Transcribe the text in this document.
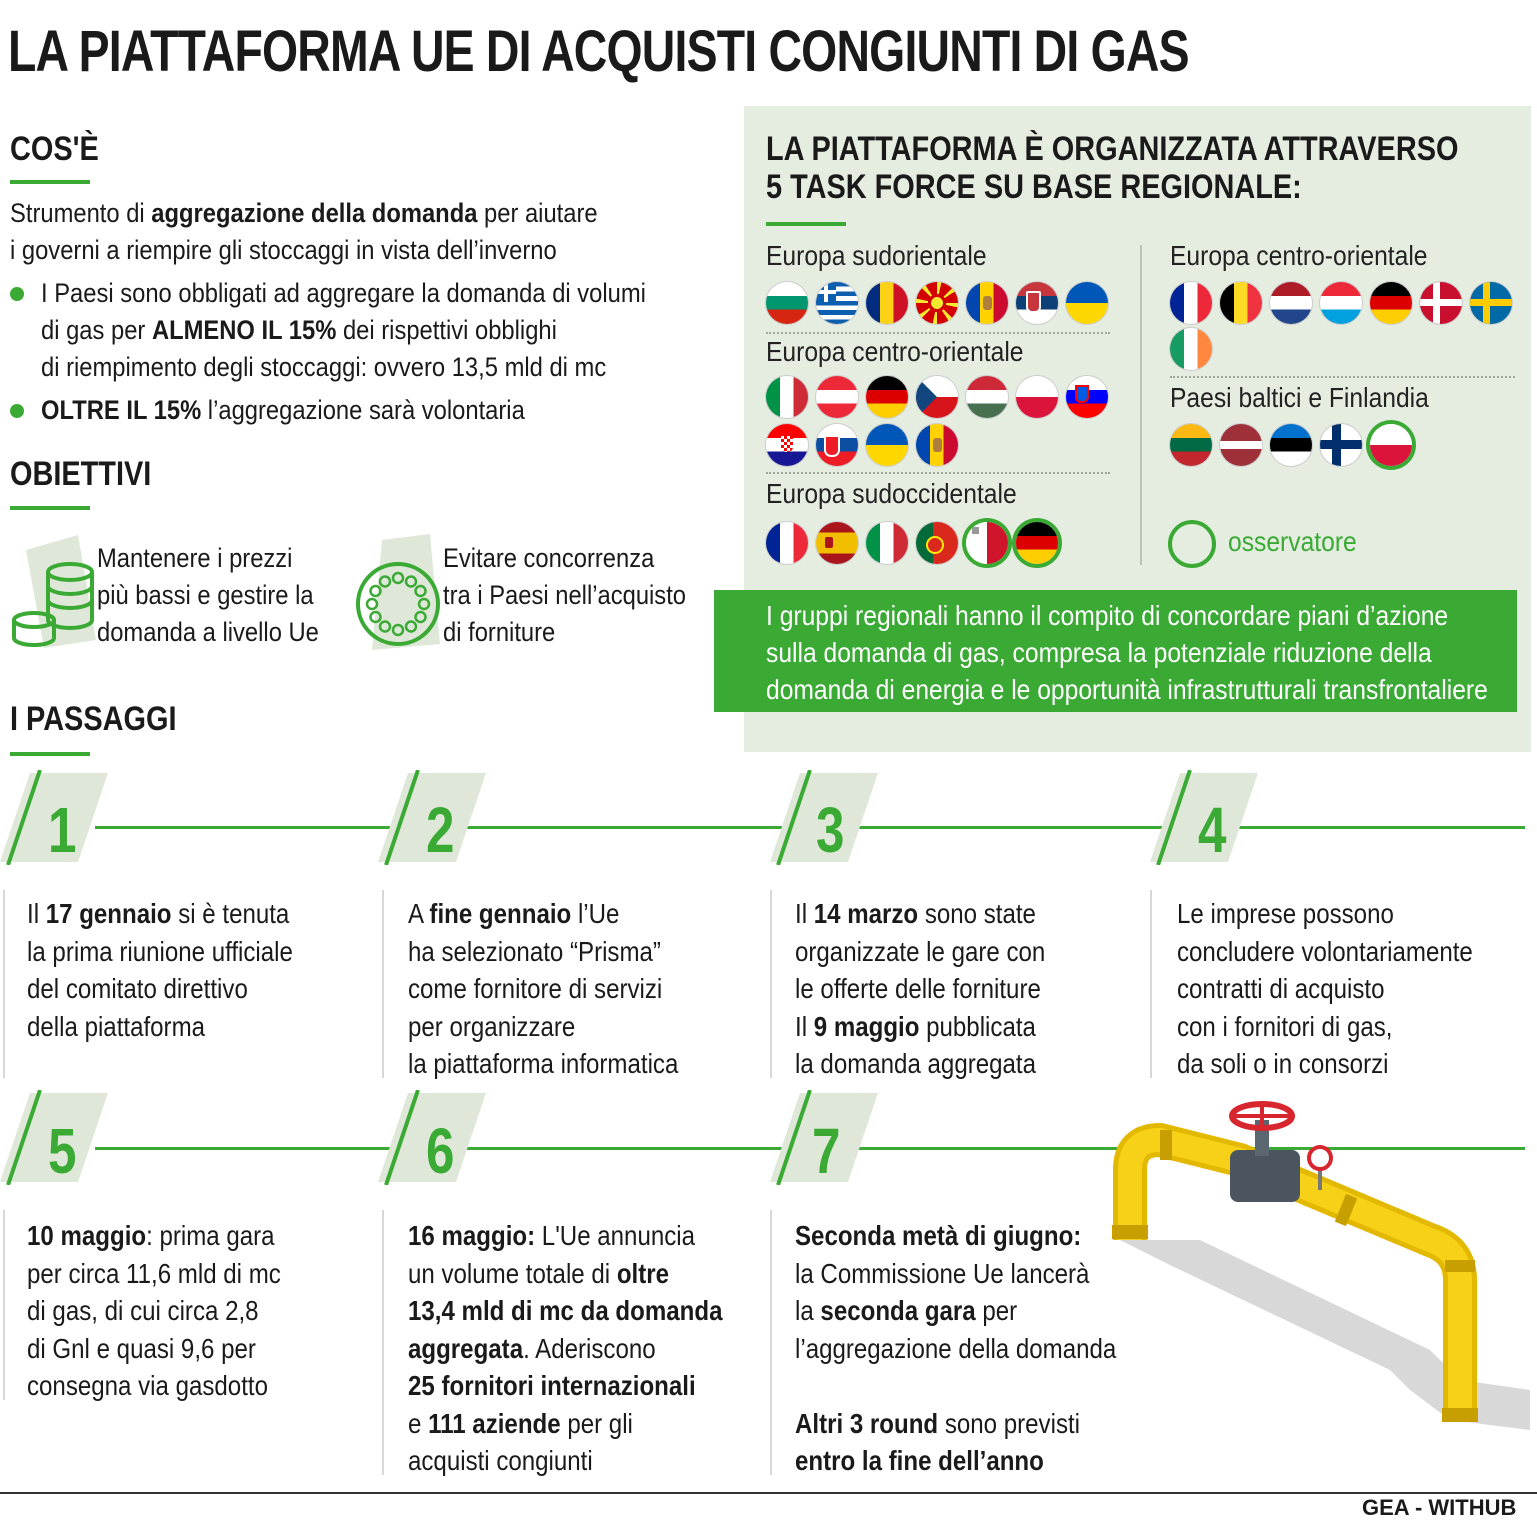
LA PIATTAFORMA UE DI ACQUISTI CONGIUNTI DI GAS
COS'È
Strumento di aggregazione della domanda per aiutare
i governi a riempire gli stoccaggi in vista dell’inverno
I Paesi sono obbligati ad aggregare la domanda di volumi
di gas per ALMENO IL 15% dei rispettivi obblighi
di riempimento degli stoccaggi: ovvero 13,5 mld di mc
OLTRE IL 15% l’aggregazione sarà volontaria
OBIETTIVI
Mantenere i prezzi
più bassi e gestire la
domanda a livello Ue
Evitare concorrenza
tra i Paesi nell’acquisto
di forniture
LA PIATTAFORMA È ORGANIZZATA ATTRAVERSO
5 TASK FORCE SU BASE REGIONALE:
Europa sudorientale
Europa centro-orientale
Europa sudoccidentale
Europa centro-orientale
Paesi baltici e Finlandia
osservatore
I gruppi regionali hanno il compito di concordare piani d’azione
sulla domanda di gas, compresa la potenziale riduzione della
domanda di energia e le opportunità infrastrutturali transfrontaliere
I PASSAGGI
1	2	3	4
Il 17 gennaio si è tenuta
la prima riunione ufficiale
del comitato direttivo
della piattaforma
A fine gennaio l’Ue
ha selezionato “Prisma”
come fornitore di servizi
per organizzare
la piattaforma informatica
Il 14 marzo sono state
organizzate le gare con
le offerte delle forniture
Il 9 maggio pubblicata
la domanda aggregata
Le imprese possono
concludere volontariamente
contratti di acquisto
con i fornitori di gas,
da soli o in consorzi
5	6	7
10 maggio: prima gara
per circa 11,6 mld di mc
di gas, di cui circa 2,8
di Gnl e quasi 9,6 per
consegna via gasdotto
16 maggio: L'Ue annuncia
un volume totale di oltre
13,4 mld di mc da domanda
aggregata. Aderiscono
25 fornitori internazionali
e 111 aziende per gli
acquisti congiunti
Seconda metà di giugno:
la Commissione Ue lancerà
la seconda gara per
l’aggregazione della domanda
Altri 3 round sono previsti
entro la fine dell’anno
GEA - WITHUB
